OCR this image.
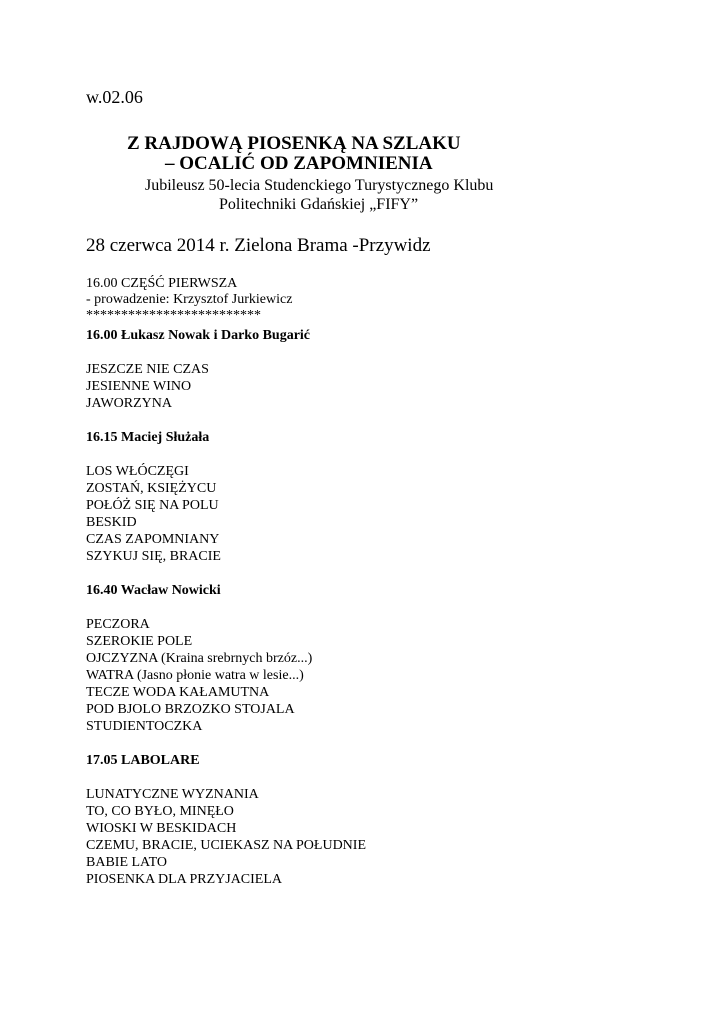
w.02.06
Z RAJDOWĄ PIOSENKĄ NA SZLAKU
– OCALIĆ OD ZAPOMNIENIA
Jubileusz 50-lecia Studenckiego Turystycznego Klubu
Politechniki Gdańskiej „FIFY”
28 czerwca 2014 r. Zielona Brama -Przywidz
16.00 CZĘŚĆ PIERWSZA
- prowadzenie: Krzysztof Jurkiewicz
*************************
16.00 Łukasz Nowak i Darko Bugarić
JESZCZE NIE CZAS
JESIENNE WINO
JAWORZYNA
16.15 Maciej Służała
LOS WŁÓCZĘGI
ZOSTAŃ, KSIĘŻYCU
POŁÓŻ SIĘ NA POLU
BESKID
CZAS ZAPOMNIANY
SZYKUJ SIĘ, BRACIE
16.40 Wacław Nowicki
PECZORA
SZEROKIE POLE
OJCZYZNA (Kraina srebrnych brzóz...)
WATRA (Jasno płonie watra w lesie...)
TECZE WODA KAŁAMUTNA
POD BJOLO BRZOZKO STOJALA
STUDIENTOCZKA
17.05 LABOLARE
LUNATYCZNE WYZNANIA
TO, CO BYŁO, MINĘŁO
WIOSKI W BESKIDACH
CZEMU, BRACIE, UCIEKASZ NA POŁUDNIE
BABIE LATO
PIOSENKA DLA PRZYJACIELA
